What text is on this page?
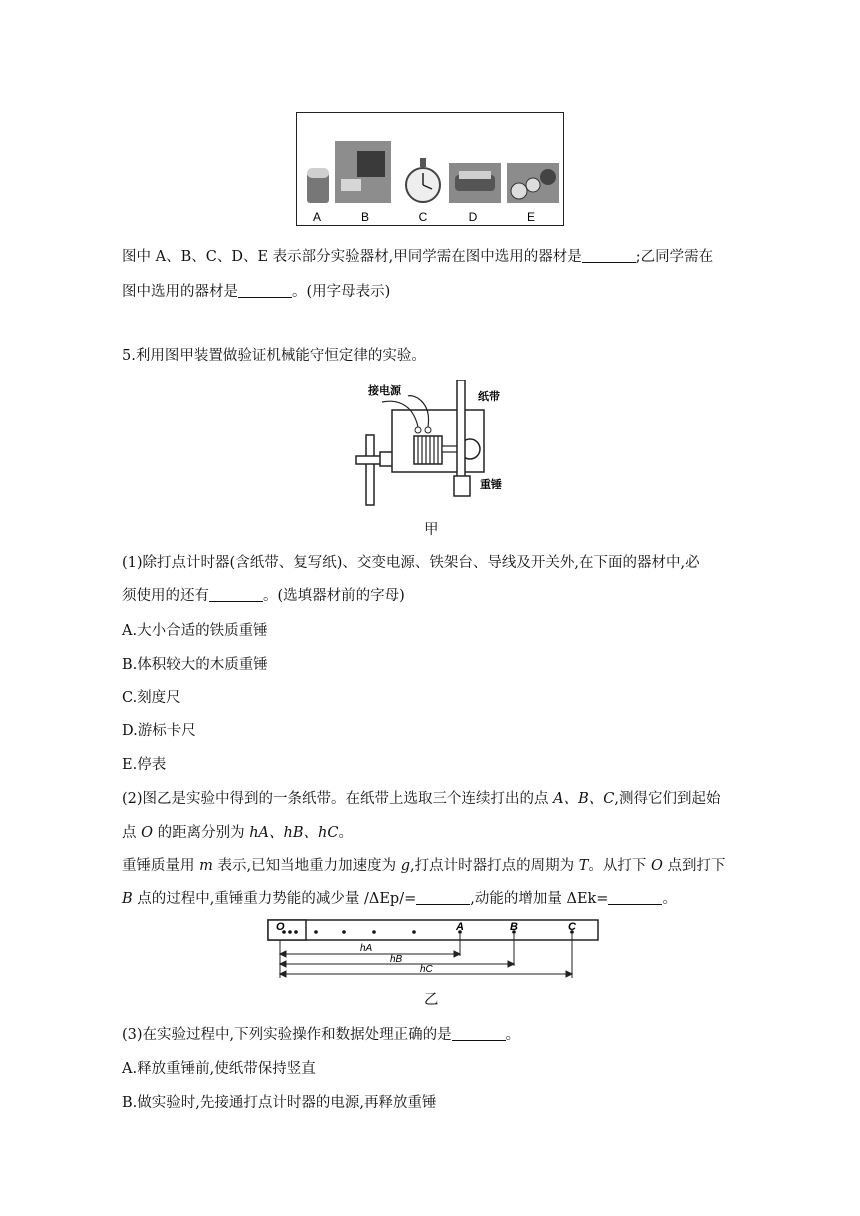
A	B	C	D	E
图中 A、B、C、D、E 表示部分实验器材,甲同学需在图中选用的器材是	;乙同学需在
图中选用的器材是	。(用字母表示)
5.利用图甲装置做验证机械能守恒定律的实验。
接电源	纸带
重锤
甲
(1)除打点计时器(含纸带、复写纸)、交变电源、铁架台、导线及开关外,在下面的器材中,必
须使用的还有	。(选填器材前的字母)
A.大小合适的铁质重锤
B.体积较大的木质重锤
C.刻度尺
D.游标卡尺
E.停表
(2)图乙是实验中得到的一条纸带。在纸带上选取三个连续打出的点 A、B、C,测得它们到起始
点 O 的距离分别为 hA、hB、hC。
重锤质量用 m 表示,已知当地重力加速度为 g,打点计时器打点的周期为 T。从打下 O 点到打下
B 点的过程中,重锤重力势能的减少量 /ΔEp/=	,动能的增加量 ΔEk=	。
O	A	B	C
hA
hB
hC
乙
(3)在实验过程中,下列实验操作和数据处理正确的是	。
A.释放重锤前,使纸带保持竖直
B.做实验时,先接通打点计时器的电源,再释放重锤
